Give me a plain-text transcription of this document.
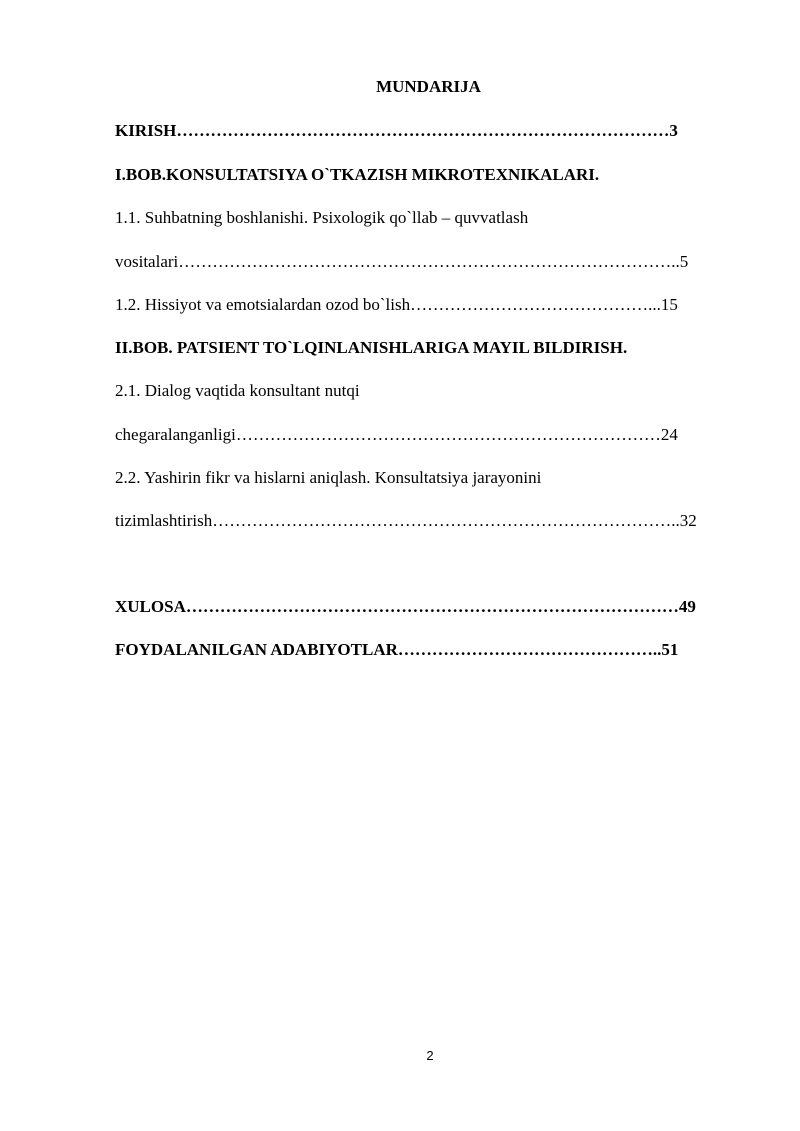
MUNDARIJA
KIRISH……………………………………………………………………………3
I.BOB.KONSULTATSIYA O`TKAZISH MIKROTEXNIKALARI.
1.1. Suhbatning boshlanishi. Psixologik qo`llab – quvvatlash
vositalari……………………………………………………………………………..5
1.2. Hissiyot va emotsialardan ozod bo`lish……………………………………...15
II.BOB. PATSIENT TO`LQINLANISHLARIGA MAYIL BILDIRISH.
2.1. Dialog vaqtida konsultant nutqi
chegaralanganligi…………………………………………………………………24
2.2. Yashirin fikr va hislarni aniqlash. Konsultatsiya jarayonini
tizimlashtirish………………………………………………………………………..32
XULOSA……………………………………………………………………………49
FOYDALANILGAN ADABIYOTLAR………………………………………..51
2
